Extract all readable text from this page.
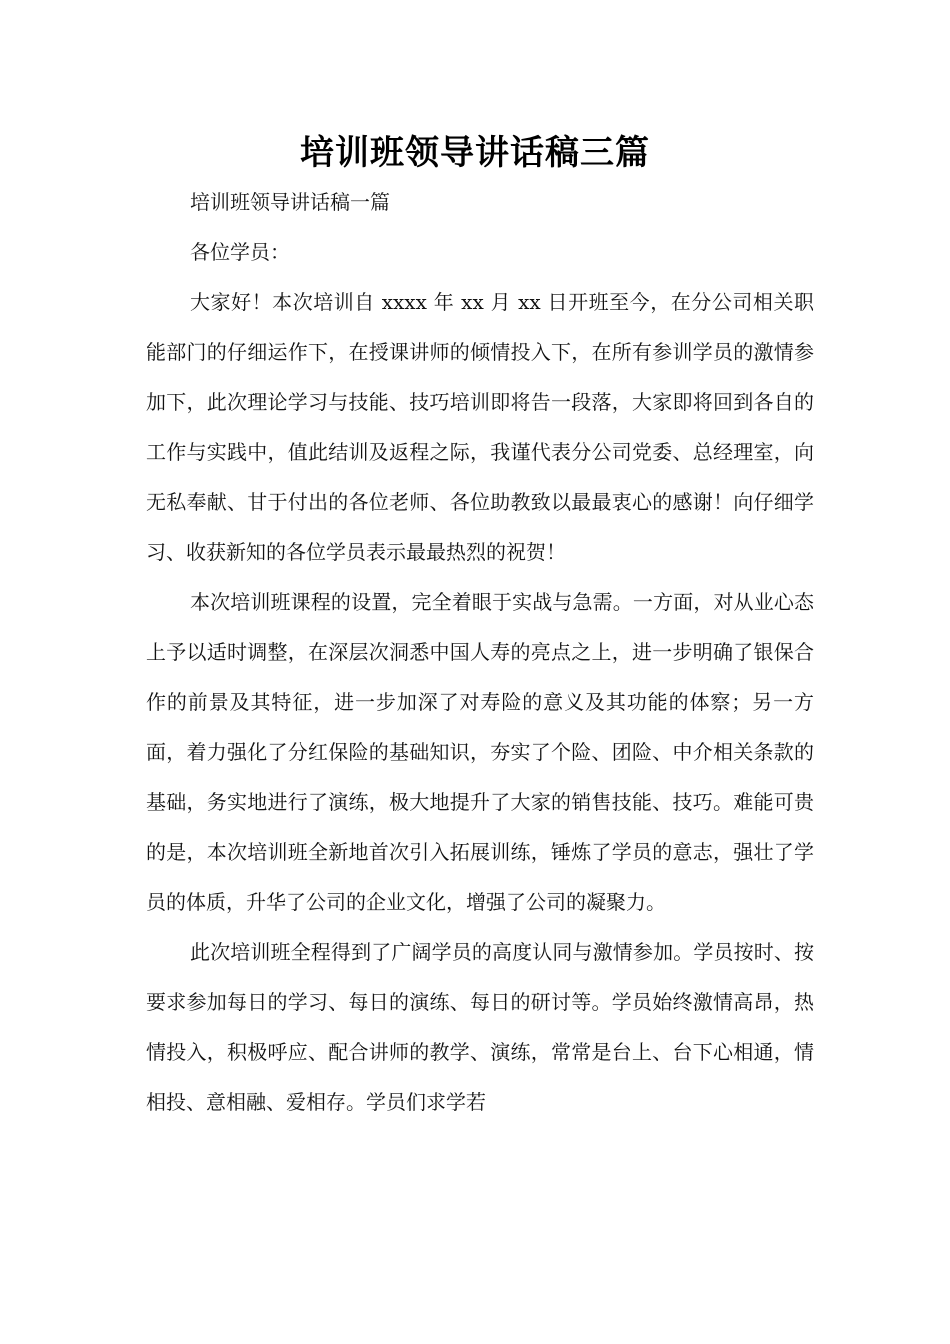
培训班领导讲话稿三篇

培训班领导讲话稿一篇

各位学员：

大家好！本次培训自 xxxx 年 xx 月 xx 日开班至今，在分公司相关职能部门的仔细运作下，在授课讲师的倾情投入下，在所有参训学员的激情参加下，此次理论学习与技能、技巧培训即将告一段落，大家即将回到各自的工作与实践中，值此结训及返程之际，我谨代表分公司党委、总经理室，向无私奉献、甘于付出的各位老师、各位助教致以最最衷心的感谢！向仔细学习、收获新知的各位学员表示最最热烈的祝贺！

本次培训班课程的设置，完全着眼于实战与急需。一方面，对从业心态上予以适时调整，在深层次洞悉中国人寿的亮点之上，进一步明确了银保合作的前景及其特征，进一步加深了对寿险的意义及其功能的体察；另一方面，着力强化了分红保险的基础知识，夯实了个险、团险、中介相关条款的基础，务实地进行了演练，极大地提升了大家的销售技能、技巧。难能可贵的是，本次培训班全新地首次引入拓展训练，锤炼了学员的意志，强壮了学员的体质，升华了公司的企业文化，增强了公司的凝聚力。

此次培训班全程得到了广阔学员的高度认同与激情参加。学员按时、按要求参加每日的学习、每日的演练、每日的研讨等。学员始终激情高昂，热情投入，积极呼应、配合讲师的教学、演练，常常是台上、台下心相通，情相投、意相融、爱相存。学员们求学若
